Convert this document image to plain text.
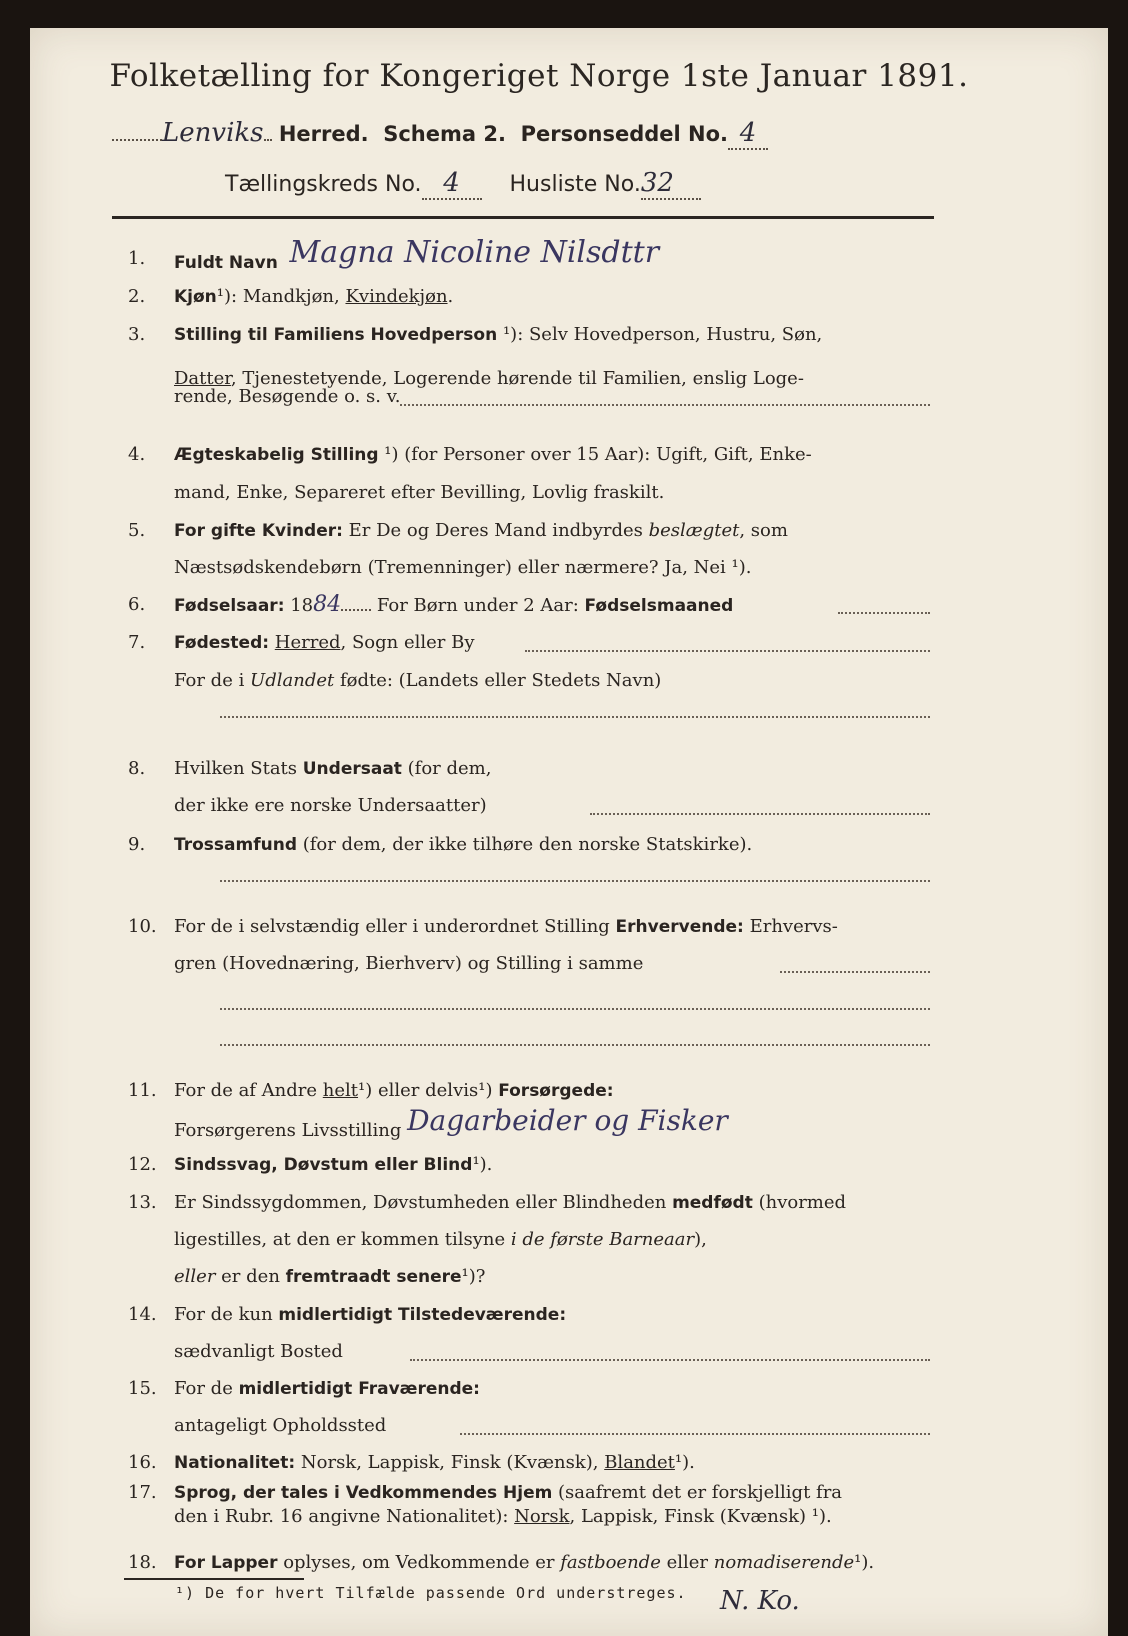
Folketælling for Kongeriget Norge 1ste Januar 1891.
Lenviks Herred. Schema 2. Personseddel No. 4
Tællingskreds No. 4 Husliste No.32
1.	Fuldt Navn Magna Nicoline Nilsdttr
2.	Kjøn¹): Mandkjøn, Kvindekjøn.
3.	Stilling til Familiens Hovedperson ¹): Selv Hovedperson, Hustru, Søn,

Datter, Tjenestetyende, Logerende hørende til Familien, enslig Loge-
rende, Besøgende o. s. v.
4.	Ægteskabelig Stilling ¹) (for Personer over 15 Aar): Ugift, Gift, Enke-
mand, Enke, Separeret efter Bevilling, Lovlig fraskilt.
5.	For gifte Kvinder: Er De og Deres Mand indbyrdes beslægtet, som
Næstsødskendebørn (Tremenninger) eller nærmere? Ja, Nei ¹).
6.	Fødselsaar: 1884 For Børn under 2 Aar: Fødselsmaaned
7.	Fødested: Herred, Sogn eller By
For de i Udlandet fødte: (Landets eller Stedets Navn)
8.	Hvilken Stats Undersaat (for dem,
der ikke ere norske Undersaatter)
9.	Trossamfund (for dem, der ikke tilhøre den norske Statskirke).
10. For de i selvstændig eller i underordnet Stilling Erhvervende: Erhvervs-
gren (Hovednæring, Bierhverv) og Stilling i samme
11. For de af Andre helt¹) eller delvis¹) Forsørgede:
Forsørgerens Livsstilling Dagarbeider og Fisker
12.	Sindssvag, Døvstum eller Blind¹).
13. Er Sindssygdommen, Døvstumheden eller Blindheden medfødt (hvormed
ligestilles, at den er kommen tilsyne i de første Barneaar),
eller er den fremtraadt senere¹)?
14. For de kun midlertidigt Tilstedeværende:
sædvanligt Bosted
15. For de midlertidigt Fraværende:
antageligt Opholdssted
16.	Nationalitet: Norsk, Lappisk, Finsk (Kvænsk), Blandet¹).
17.	Sprog, der tales i Vedkommendes Hjem (saafremt det er forskjelligt fra
den i Rubr. 16 angivne Nationalitet): Norsk, Lappisk, Finsk (Kvænsk) ¹).
18.	For Lapper oplyses, om Vedkommende er fastboende eller nomadiserende¹).
¹) De for hvert Tilfælde passende Ord understreges. N. Ko.
